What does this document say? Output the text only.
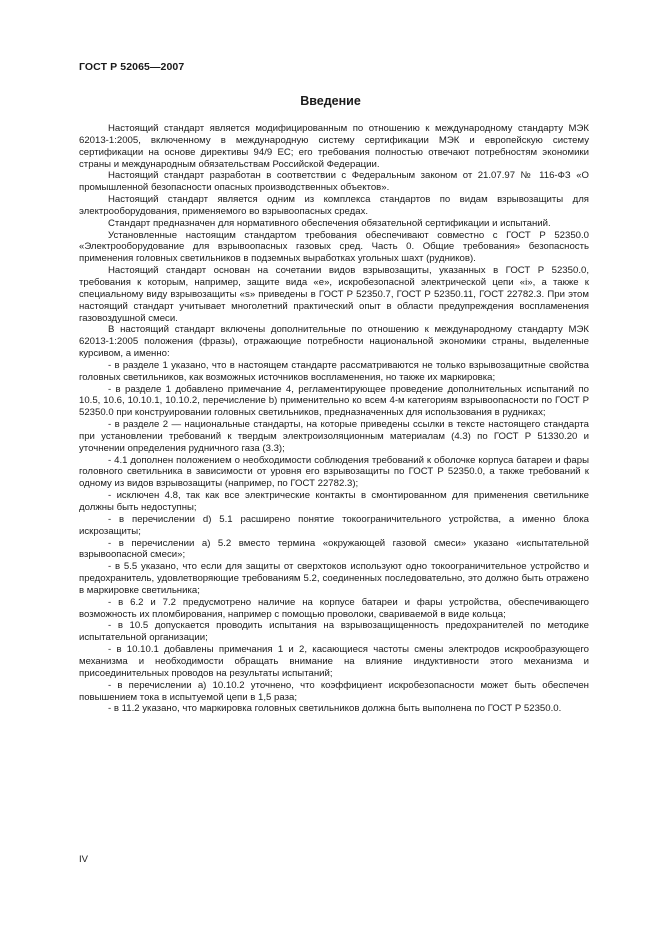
ГОСТ Р 52065—2007
Введение

Настоящий стандарт является модифицированным по отношению к международному стандарту МЭК 62013-1:2005, включенному в международную систему сертификации МЭК и европейскую систему сертификации на основе директивы 94/9 ЕС; его требования полностью отвечают потребностям экономики страны и международным обязательствам Российской Федерации.

Настоящий стандарт разработан в соответствии с Федеральным законом от 21.07.97 № 116-ФЗ «О промышленной безопасности опасных производственных объектов».

Настоящий стандарт является одним из комплекса стандартов по видам взрывозащиты для электрооборудования, применяемого во взрывоопасных средах.

Стандарт предназначен для нормативного обеспечения обязательной сертификации и испытаний.

Установленные настоящим стандартом требования обеспечивают совместно с ГОСТ Р 52350.0 «Электрооборудование для взрывоопасных газовых сред. Часть 0. Общие требования» безопасность применения головных светильников в подземных выработках угольных шахт (рудников).

Настоящий стандарт основан на сочетании видов взрывозащиты, указанных в ГОСТ Р 52350.0, требования к которым, например, защите вида «е», искробезопасной электрической цепи «i», а также к специальному виду взрывозащиты «s» приведены в ГОСТ Р 52350.7, ГОСТ Р 52350.11, ГОСТ 22782.3. При этом настоящий стандарт учитывает многолетний практический опыт в области предупреждения воспламенения газовоздушной смеси.

В настоящий стандарт включены дополнительные по отношению к международному стандарту МЭК 62013-1:2005 положения (фразы), отражающие потребности национальной экономики страны, выделенные курсивом, а именно:

- в разделе 1 указано, что в настоящем стандарте рассматриваются не только взрывозащитные свойства головных светильников, как возможных источников воспламенения, но также их маркировка;

- в разделе 1 добавлено примечание 4, регламентирующее проведение дополнительных испытаний по 10.5, 10.6, 10.10.1, 10.10.2, перечисление b) применительно ко всем 4-м категориям взрывоопасности по ГОСТ Р 52350.0 при конструировании головных светильников, предназначенных для использования в рудниках;

- в разделе 2 — национальные стандарты, на которые приведены ссылки в тексте настоящего стандарта при установлении требований к твердым электроизоляционным материалам (4.3) по ГОСТ Р 51330.20 и уточнении определения рудничного газа (3.3);

- 4.1 дополнен положением о необходимости соблюдения требований к оболочке корпуса батареи и фары головного светильника в зависимости от уровня его взрывозащиты по ГОСТ Р 52350.0, а также требований к одному из видов взрывозащиты (например, по ГОСТ 22782.3);

- исключен 4.8, так как все электрические контакты в смонтированном для применения светильнике должны быть недоступны;

- в перечислении d) 5.1 расширено понятие токоограничительного устройства, а именно блока искрозащиты;

- в перечислении а) 5.2 вместо термина «окружающей газовой смеси» указано «испытательной взрывоопасной смеси»;

- в 5.5 указано, что если для защиты от сверхтоков используют одно токоограничительное устройство и предохранитель, удовлетворяющие требованиям 5.2, соединенных последовательно, это должно быть отражено в маркировке светильника;

- в 6.2 и 7.2 предусмотрено наличие на корпусе батареи и фары устройства, обеспечивающего возможность их пломбирования, например с помощью проволоки, свариваемой в виде кольца;

- в 10.5 допускается проводить испытания на взрывозащищенность предохранителей по методике испытательной организации;

- в 10.10.1 добавлены примечания 1 и 2, касающиеся частоты смены электродов искрообразующего механизма и необходимости обращать внимание на влияние индуктивности этого механизма и присоединительных проводов на результаты испытаний;

- в перечислении а) 10.10.2 уточнено, что коэффициент искробезопасности может быть обеспечен повышением тока в испытуемой цепи в 1,5 раза;

- в 11.2 указано, что маркировка головных светильников должна быть выполнена по ГОСТ Р 52350.0.

IV
